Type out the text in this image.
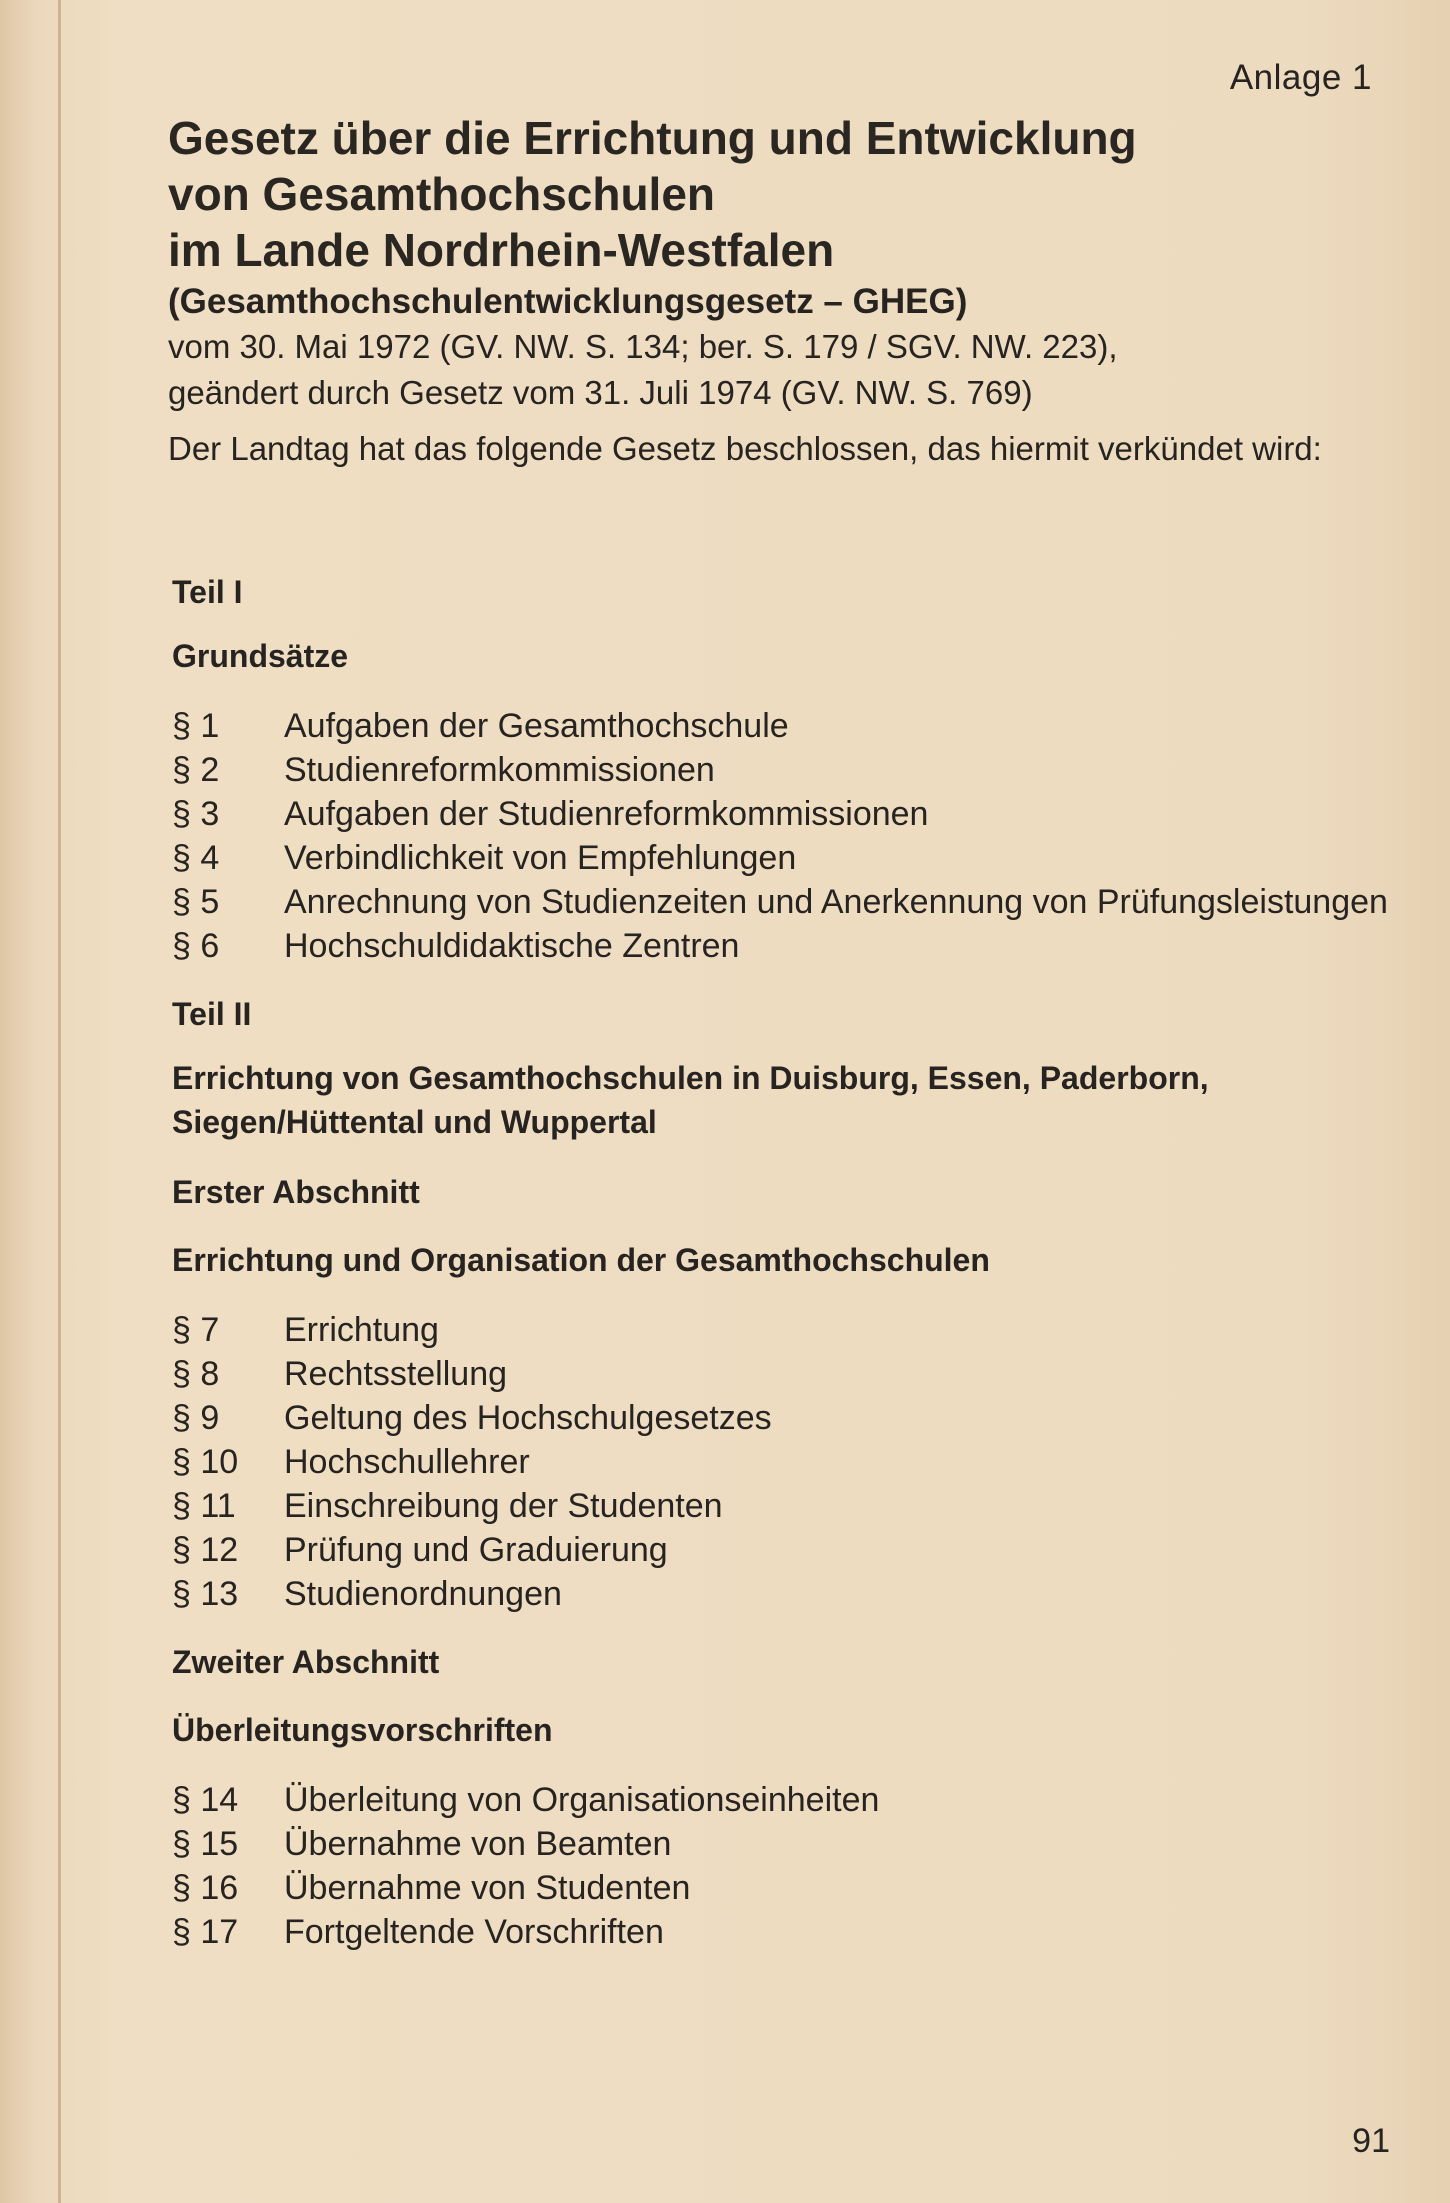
Anlage 1
Gesetz über die Errichtung und Entwicklung
von Gesamthochschulen
im Lande Nordrhein-Westfalen
(Gesamthochschulentwicklungsgesetz – GHEG)
vom 30. Mai 1972 (GV. NW. S. 134; ber. S. 179 / SGV. NW. 223),
geändert durch Gesetz vom 31. Juli 1974 (GV. NW. S. 769)
Der Landtag hat das folgende Gesetz beschlossen, das hiermit verkündet wird:
Teil I
Grundsätze
§ 1	Aufgaben der Gesamthochschule
§ 2	Studienreformkommissionen
§ 3	Aufgaben der Studienreformkommissionen
§ 4	Verbindlichkeit von Empfehlungen
§ 5	Anrechnung von Studienzeiten und Anerkennung von Prüfungsleistungen
§ 6	Hochschuldidaktische Zentren
Teil II
Errichtung von Gesamthochschulen in Duisburg, Essen, Paderborn, Siegen/Hüttental und Wuppertal
Erster Abschnitt
Errichtung und Organisation der Gesamthochschulen
§ 7	Errichtung
§ 8	Rechtsstellung
§ 9	Geltung des Hochschulgesetzes
§ 10	Hochschullehrer
§ 11	Einschreibung der Studenten
§ 12	Prüfung und Graduierung
§ 13	Studienordnungen
Zweiter Abschnitt
Überleitungsvorschriften
§ 14	Überleitung von Organisationseinheiten
§ 15	Übernahme von Beamten
§ 16	Übernahme von Studenten
§ 17	Fortgeltende Vorschriften
91
